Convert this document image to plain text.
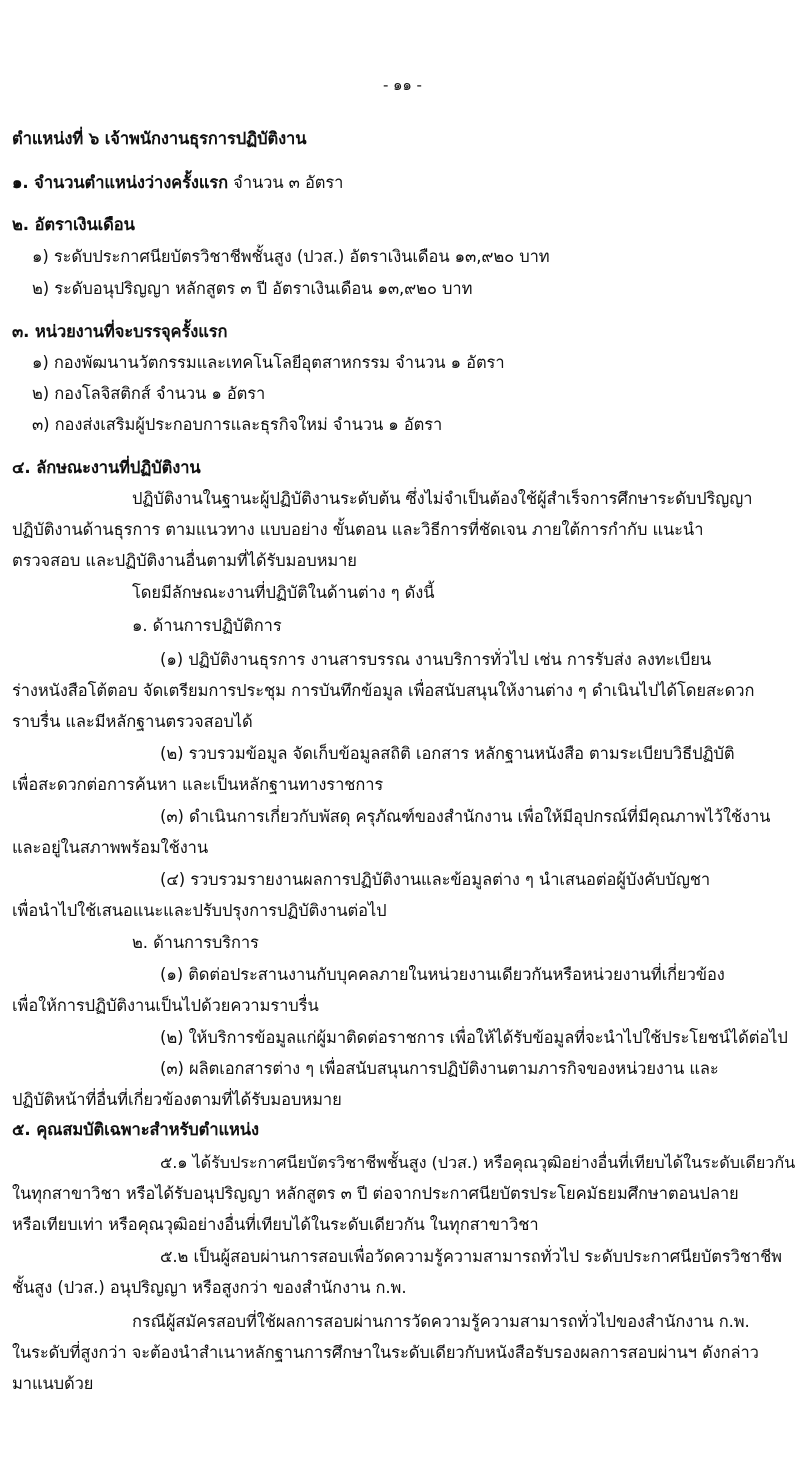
- ๑๑ -
ตำแหน่งที่ ๖ เจ้าพนักงานธุรการปฏิบัติงาน
๑. จำนวนตำแหน่งว่างครั้งแรก จำนวน ๓ อัตรา
๒. อัตราเงินเดือน
๑) ระดับประกาศนียบัตรวิชาชีพชั้นสูง (ปวส.) อัตราเงินเดือน ๑๓,๙๒๐ บาท
๒) ระดับอนุปริญญา หลักสูตร ๓ ปี อัตราเงินเดือน ๑๓,๙๒๐ บาท
๓. หน่วยงานที่จะบรรจุครั้งแรก
๑) กองพัฒนานวัตกรรมและเทคโนโลยีอุตสาหกรรม จำนวน ๑ อัตรา
๒) กองโลจิสติกส์ จำนวน ๑ อัตรา
๓) กองส่งเสริมผู้ประกอบการและธุรกิจใหม่ จำนวน ๑ อัตรา
๔. ลักษณะงานที่ปฏิบัติงาน
ปฏิบัติงานในฐานะผู้ปฏิบัติงานระดับต้น ซึ่งไม่จำเป็นต้องใช้ผู้สำเร็จการศึกษาระดับปริญญา
ปฏิบัติงานด้านธุรการ ตามแนวทาง แบบอย่าง ขั้นตอน และวิธีการที่ชัดเจน ภายใต้การกำกับ แนะนำ
ตรวจสอบ และปฏิบัติงานอื่นตามที่ได้รับมอบหมาย
โดยมีลักษณะงานที่ปฏิบัติในด้านต่าง ๆ ดังนี้
๑. ด้านการปฏิบัติการ
(๑) ปฏิบัติงานธุรการ งานสารบรรณ งานบริการทั่วไป เช่น การรับส่ง ลงทะเบียน
ร่างหนังสือโต้ตอบ จัดเตรียมการประชุม การบันทึกข้อมูล เพื่อสนับสนุนให้งานต่าง ๆ ดำเนินไปได้โดยสะดวก
ราบรื่น และมีหลักฐานตรวจสอบได้
(๒) รวบรวมข้อมูล จัดเก็บข้อมูลสถิติ เอกสาร หลักฐานหนังสือ ตามระเบียบวิธีปฏิบัติ
เพื่อสะดวกต่อการค้นหา และเป็นหลักฐานทางราชการ
(๓) ดำเนินการเกี่ยวกับพัสดุ ครุภัณฑ์ของสำนักงาน เพื่อให้มีอุปกรณ์ที่มีคุณภาพไว้ใช้งาน
และอยู่ในสภาพพร้อมใช้งาน
(๔) รวบรวมรายงานผลการปฏิบัติงานและข้อมูลต่าง ๆ นำเสนอต่อผู้บังคับบัญชา
เพื่อนำไปใช้เสนอแนะและปรับปรุงการปฏิบัติงานต่อไป
๒. ด้านการบริการ
(๑) ติดต่อประสานงานกับบุคคลภายในหน่วยงานเดียวกันหรือหน่วยงานที่เกี่ยวข้อง
เพื่อให้การปฏิบัติงานเป็นไปด้วยความราบรื่น
(๒) ให้บริการข้อมูลแก่ผู้มาติดต่อราชการ เพื่อให้ได้รับข้อมูลที่จะนำไปใช้ประโยชน์ได้ต่อไป
(๓) ผลิตเอกสารต่าง ๆ เพื่อสนับสนุนการปฏิบัติงานตามภารกิจของหน่วยงาน และ
ปฏิบัติหน้าที่อื่นที่เกี่ยวข้องตามที่ได้รับมอบหมาย
๕. คุณสมบัติเฉพาะสำหรับตำแหน่ง
๕.๑ ได้รับประกาศนียบัตรวิชาชีพชั้นสูง (ปวส.) หรือคุณวุฒิอย่างอื่นที่เทียบได้ในระดับเดียวกัน
ในทุกสาขาวิชา หรือได้รับอนุปริญญา หลักสูตร ๓ ปี ต่อจากประกาศนียบัตรประโยคมัธยมศึกษาตอนปลาย
หรือเทียบเท่า หรือคุณวุฒิอย่างอื่นที่เทียบได้ในระดับเดียวกัน ในทุกสาขาวิชา
๕.๒ เป็นผู้สอบผ่านการสอบเพื่อวัดความรู้ความสามารถทั่วไป ระดับประกาศนียบัตรวิชาชีพ
ชั้นสูง (ปวส.) อนุปริญญา หรือสูงกว่า ของสำนักงาน ก.พ.
กรณีผู้สมัครสอบที่ใช้ผลการสอบผ่านการวัดความรู้ความสามารถทั่วไปของสำนักงาน ก.พ.
ในระดับที่สูงกว่า จะต้องนำสำเนาหลักฐานการศึกษาในระดับเดียวกับหนังสือรับรองผลการสอบผ่านฯ ดังกล่าว
มาแนบด้วย
